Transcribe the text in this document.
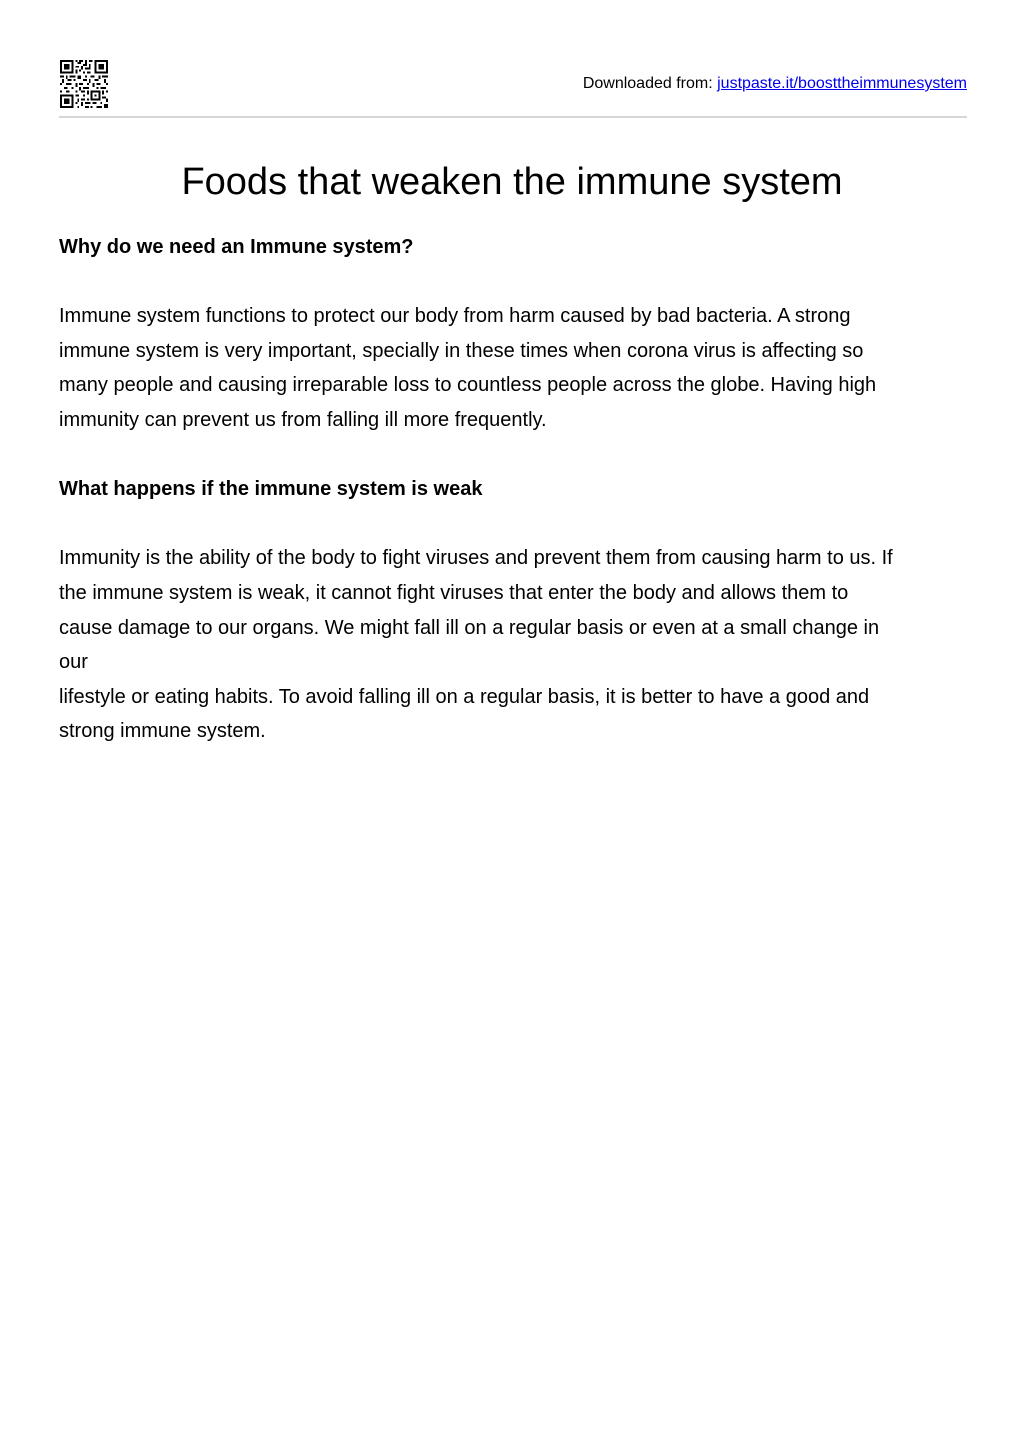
Downloaded from: justpaste.it/boosttheimmunesystem
Foods that weaken the immune system
Why do we need an Immune system?

Immune system functions to protect our body from harm caused by bad bacteria. A strong

immune system is very important, specially in these times when corona virus is affecting so

many people and causing irreparable loss to countless people across the globe. Having high

immunity can prevent us from falling ill more frequently.

What happens if the immune system is weak

Immunity is the ability of the body to fight viruses and prevent them from causing harm to us. If

the immune system is weak, it cannot fight viruses that enter the body and allows them to

cause damage to our organs. We might fall ill on a regular basis or even at a small change in

our

lifestyle or eating habits. To avoid falling ill on a regular basis, it is better to have a good and

strong immune system.
